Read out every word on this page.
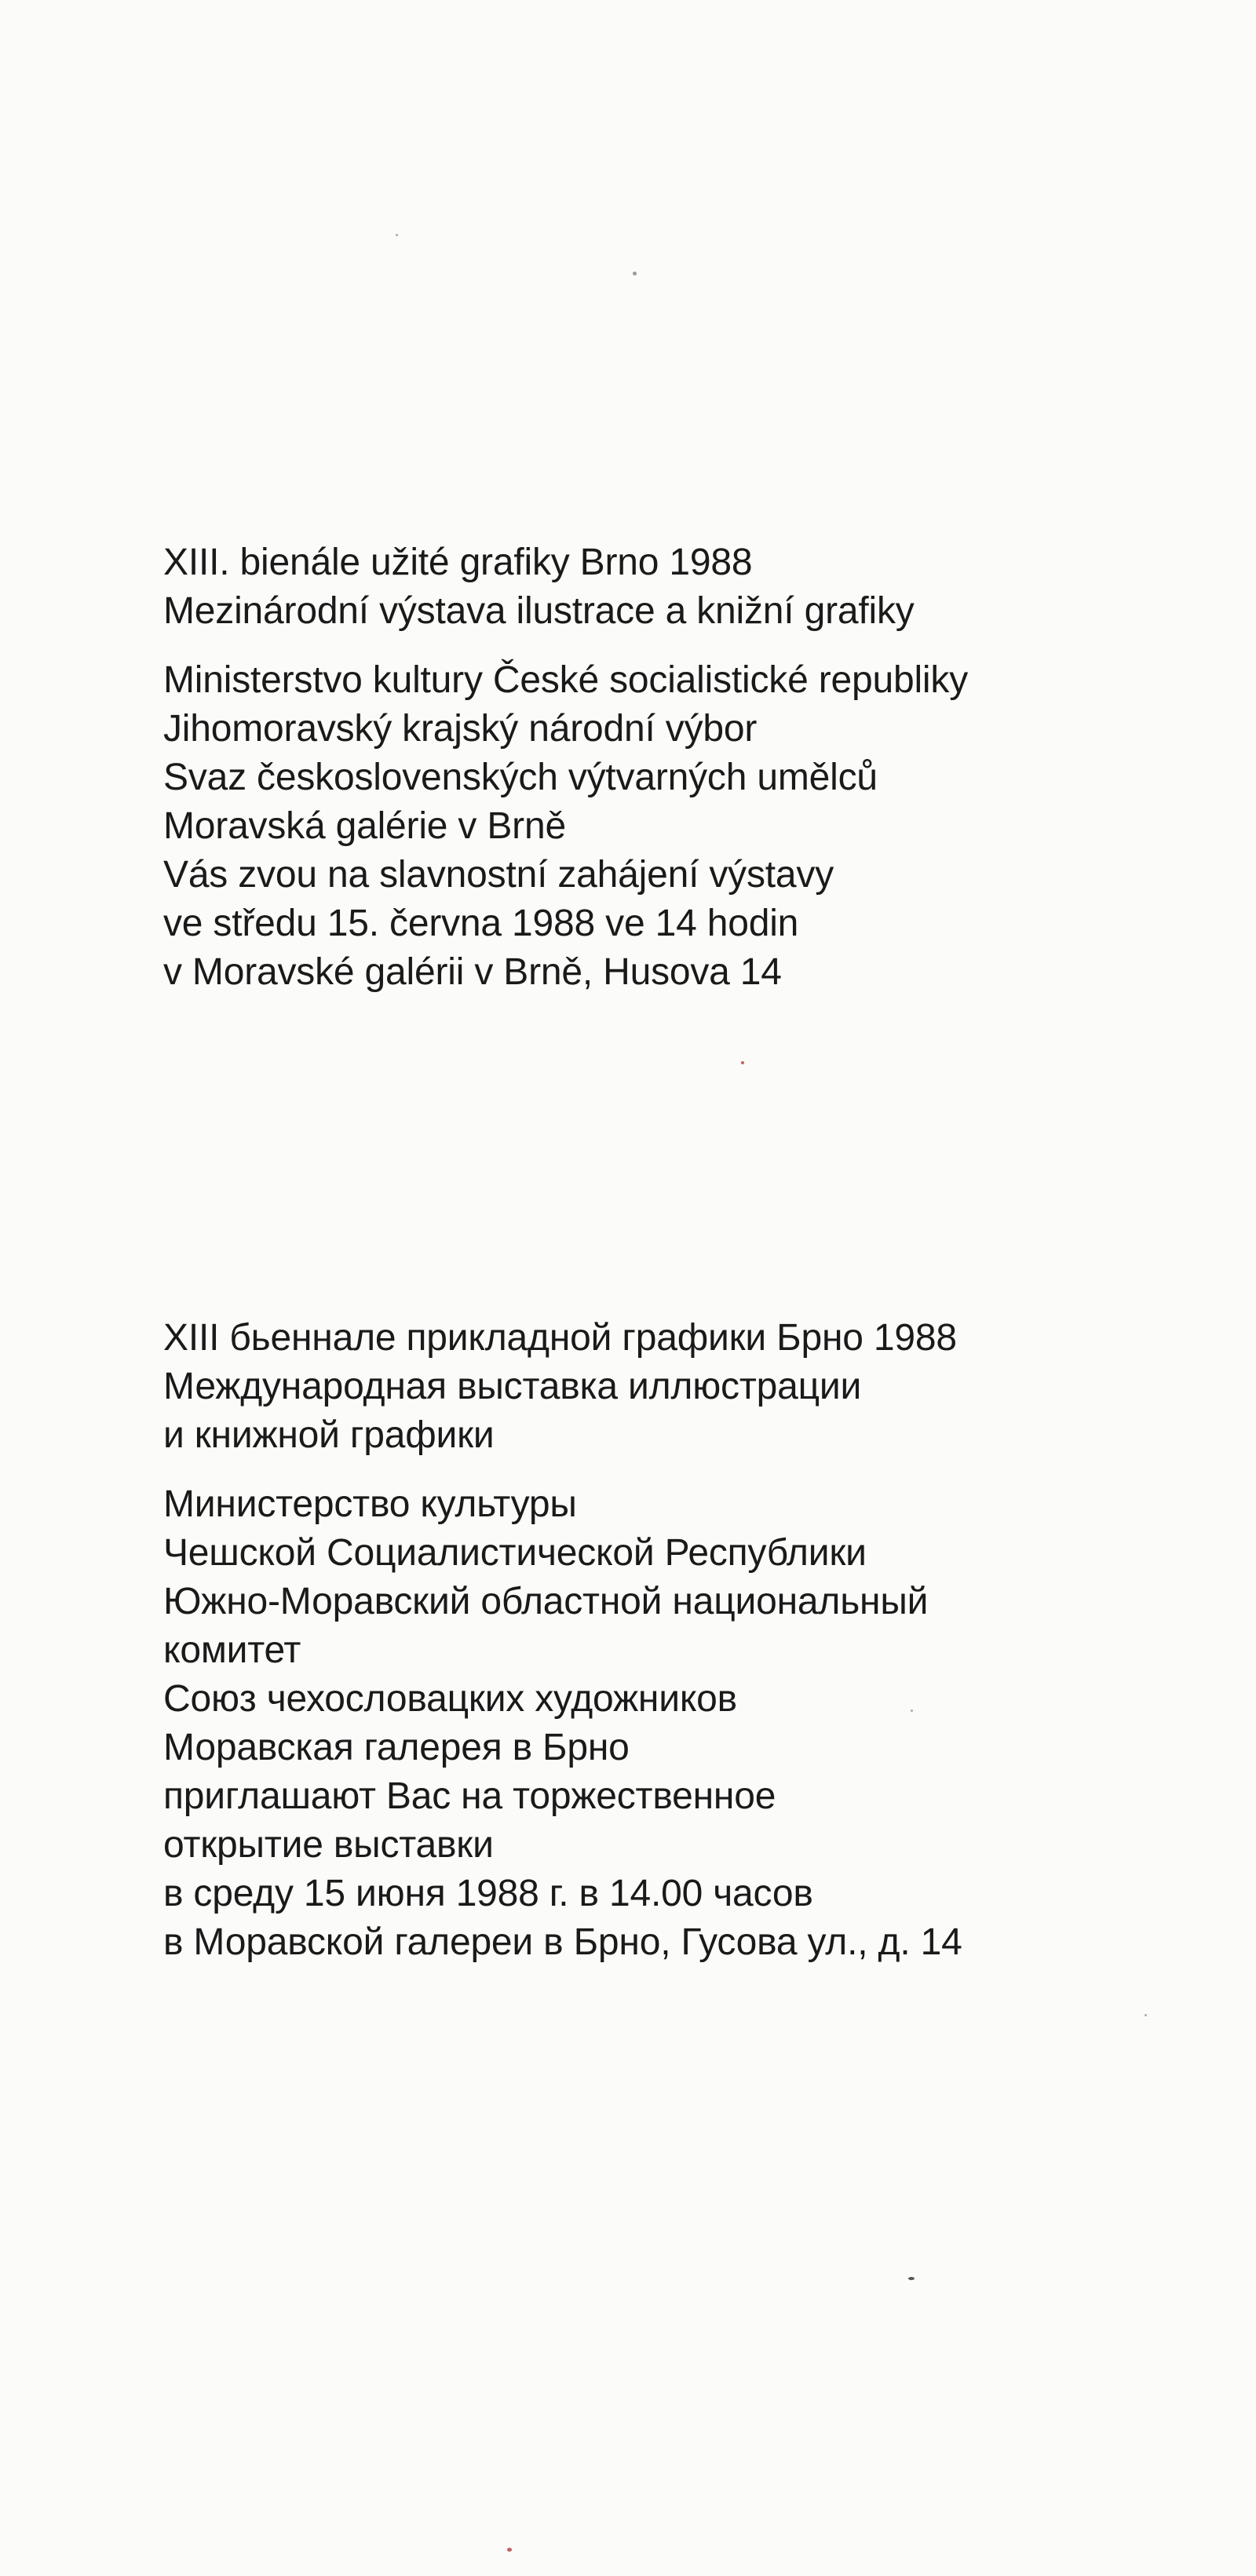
XIII. bienále užité grafiky Brno 1988
Mezinárodní výstava ilustrace a knižní grafiky
Ministerstvo kultury České socialistické republiky
Jihomoravský krajský národní výbor
Svaz československých výtvarných umělců
Moravská galérie v Brně
Vás zvou na slavnostní zahájení výstavy
ve středu 15. června 1988 ve 14 hodin
v Moravské galérii v Brně, Husova 14
XIII бьеннале прикладной графики Брно 1988
Международная выставка иллюстрации
и книжной графики
Министерство культуры
Чешской Социалистической Республики
Южно-Моравский областной национальный
комитет
Союз чехословацких художников
Моравская галерея в Брно
приглашают Вас на торжественное
открытие выставки
в среду 15 июня 1988 г. в 14.00 часов
в Моравской галереи в Брно, Гусова ул., д. 14
